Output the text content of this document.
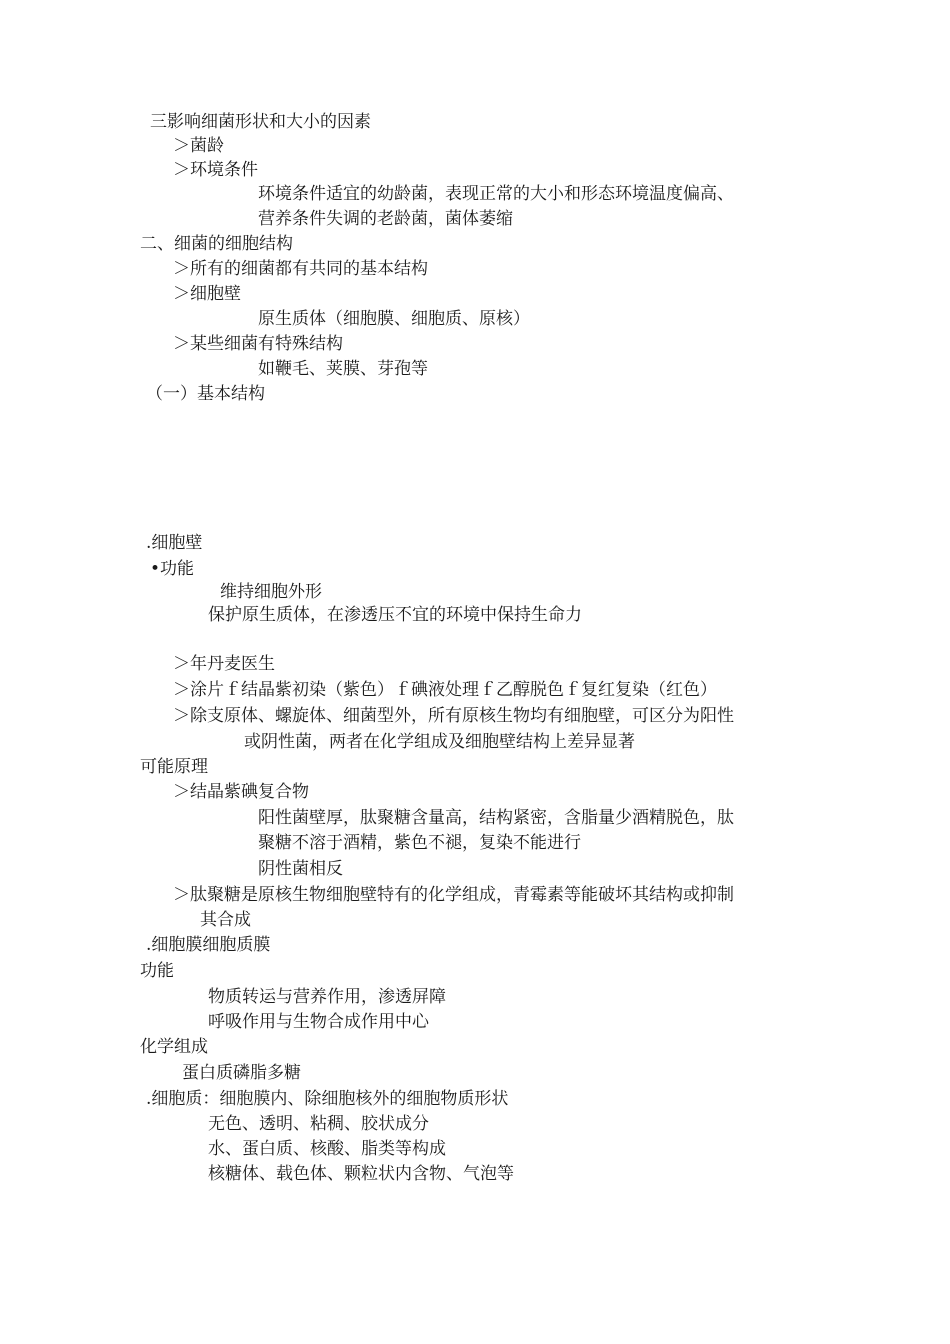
三影响细菌形状和大小的因素
＞菌龄
＞环境条件
环境条件适宜的幼龄菌，表现正常的大小和形态环境温度偏高、
营养条件失调的老龄菌，菌体萎缩
二、细菌的细胞结构
＞所有的细菌都有共同的基本结构
＞细胞壁
原生质体（细胞膜、细胞质、原核）
＞某些细菌有特殊结构
如鞭毛、荚膜、芽孢等
（一）基本结构
.细胞壁
•功能
维持细胞外形
保护原生质体，在渗透压不宜的环境中保持生命力
＞年丹麦医生
＞涂片ｆ结晶紫初染（紫色）ｆ碘液处理ｆ乙醇脱色ｆ复红复染（红色）
＞除支原体、螺旋体、细菌型外，所有原核生物均有细胞壁，可区分为阳性
或阴性菌，两者在化学组成及细胞壁结构上差异显著
可能原理
＞结晶紫碘复合物
阳性菌壁厚，肽聚糖含量高，结构紧密，含脂量少酒精脱色，肽
聚糖不溶于酒精，紫色不褪，复染不能进行
阴性菌相反
＞肽聚糖是原核生物细胞壁特有的化学组成，青霉素等能破坏其结构或抑制
其合成
.细胞膜细胞质膜
功能
物质转运与营养作用，渗透屏障
呼吸作用与生物合成作用中心
化学组成
蛋白质磷脂多糖
.细胞质：细胞膜内、除细胞核外的细胞物质形状
无色、透明、粘稠、胶状成分
水、蛋白质、核酸、脂类等构成
核糖体、载色体、颗粒状内含物、气泡等
